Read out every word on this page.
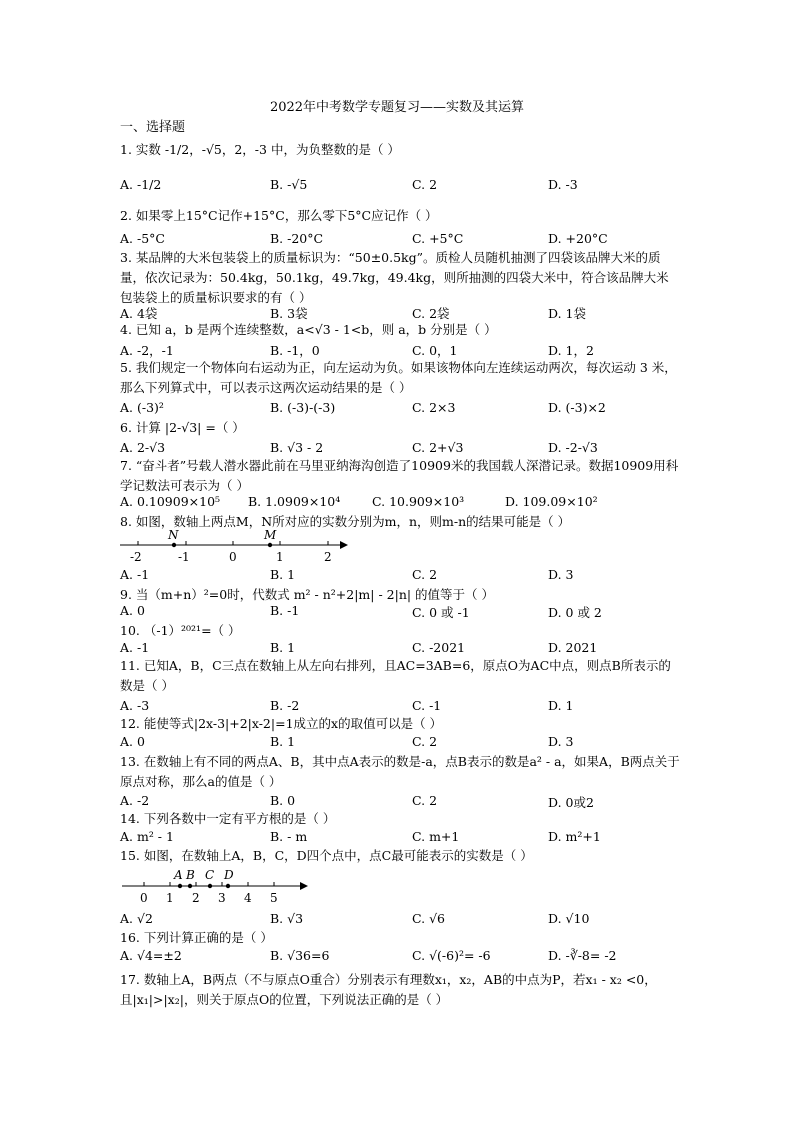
2022年中考数学专题复习——实数及其运算
一、选择题
1. 实数 -1/2，-√5，2，-3 中，为负整数的是（ ）
A. -1/2	B. -√5	C. 2	D. -3
2. 如果零上15°C记作+15°C，那么零下5°C应记作（ ）
A. -5°C	B. -20°C	C. +5°C	D. +20°C
3. 某品牌的大米包装袋上的质量标识为：“50±0.5kg”。质检人员随机抽测了四袋该品牌大米的质量，依次记录为：50.4kg，50.1kg，49.7kg，49.4kg，则所抽测的四袋大米中，符合该品牌大米包装袋上的质量标识要求的有（ ）
A. 4袋	B. 3袋	C. 2袋	D. 1袋
4. 已知 a，b 是两个连续整数，a<√3 - 1<b，则 a，b 分别是（ ）
A. -2，-1	B. -1，0	C. 0，1	D. 1，2
5. 我们规定一个物体向右运动为正，向左运动为负。如果该物体向左连续运动两次，每次运动 3 米，那么下列算式中，可以表示这两次运动结果的是（ ）
A. (-3)²	B. (-3)-(-3)	C. 2×3	D. (-3)×2
6. 计算 |2-√3| =（ ）
A. 2-√3	B. √3 - 2	C. 2+√3	D. -2-√3
7. “奋斗者”号载人潜水器此前在马里亚纳海沟创造了10909米的我国载人深潜记录。数据10909用科学记数法可表示为（ ）
A. 0.10909×10⁵ B. 1.0909×10⁴	C. 10.909×10³	D. 109.09×10²
8. 如图，数轴上两点M，N所对应的实数分别为m，n，则m-n的结果可能是（ ）
N	M
-2	-1	0	1	2
A. -1	B. 1	C. 2	D. 3
9. 当（m+n）²=0时，代数式 m² - n²+2|m| - 2|n| 的值等于（ ）
A. 0	B. -1	C. 0 或 -1	D. 0 或 2
10. （-1）²⁰²¹=（ ）
A. -1	B. 1	C. -2021	D. 2021
11. 已知A，B，C三点在数轴上从左向右排列，且AC=3AB=6，原点O为AC中点，则点B所表示的数是（ ）
A. -3	B. -2	C. -1	D. 1
12. 能使等式|2x-3|+2|x-2|=1成立的x的取值可以是（ ）
A. 0	B. 1	C. 2	D. 3
13. 在数轴上有不同的两点A、B，其中点A表示的数是-a，点B表示的数是a² - a，如果A，B两点关于原点对称，那么a的值是（ ）
A. -2	B. 0	C. 2	D. 0或2
14. 下列各数中一定有平方根的是（ ）
A. m² - 1	B. - m	C. m+1	D. m²+1
15. 如图，在数轴上A，B，C，D四个点中，点C最可能表示的实数是（ ）
A B C D
0 1 2 3 4 5
A. √2	B. √3	C. √6	D. √10
16. 下列计算正确的是（ ）
A. √4=±2	B. √36=6	C. √(-6)²= -6	D. -∛-8= -2
17. 数轴上A，B两点（不与原点O重合）分别表示有理数x₁，x₂，AB的中点为P，若x₁ - x₂ <0，且|x₁|>|x₂|，则关于原点O的位置，下列说法正确的是（ ）
